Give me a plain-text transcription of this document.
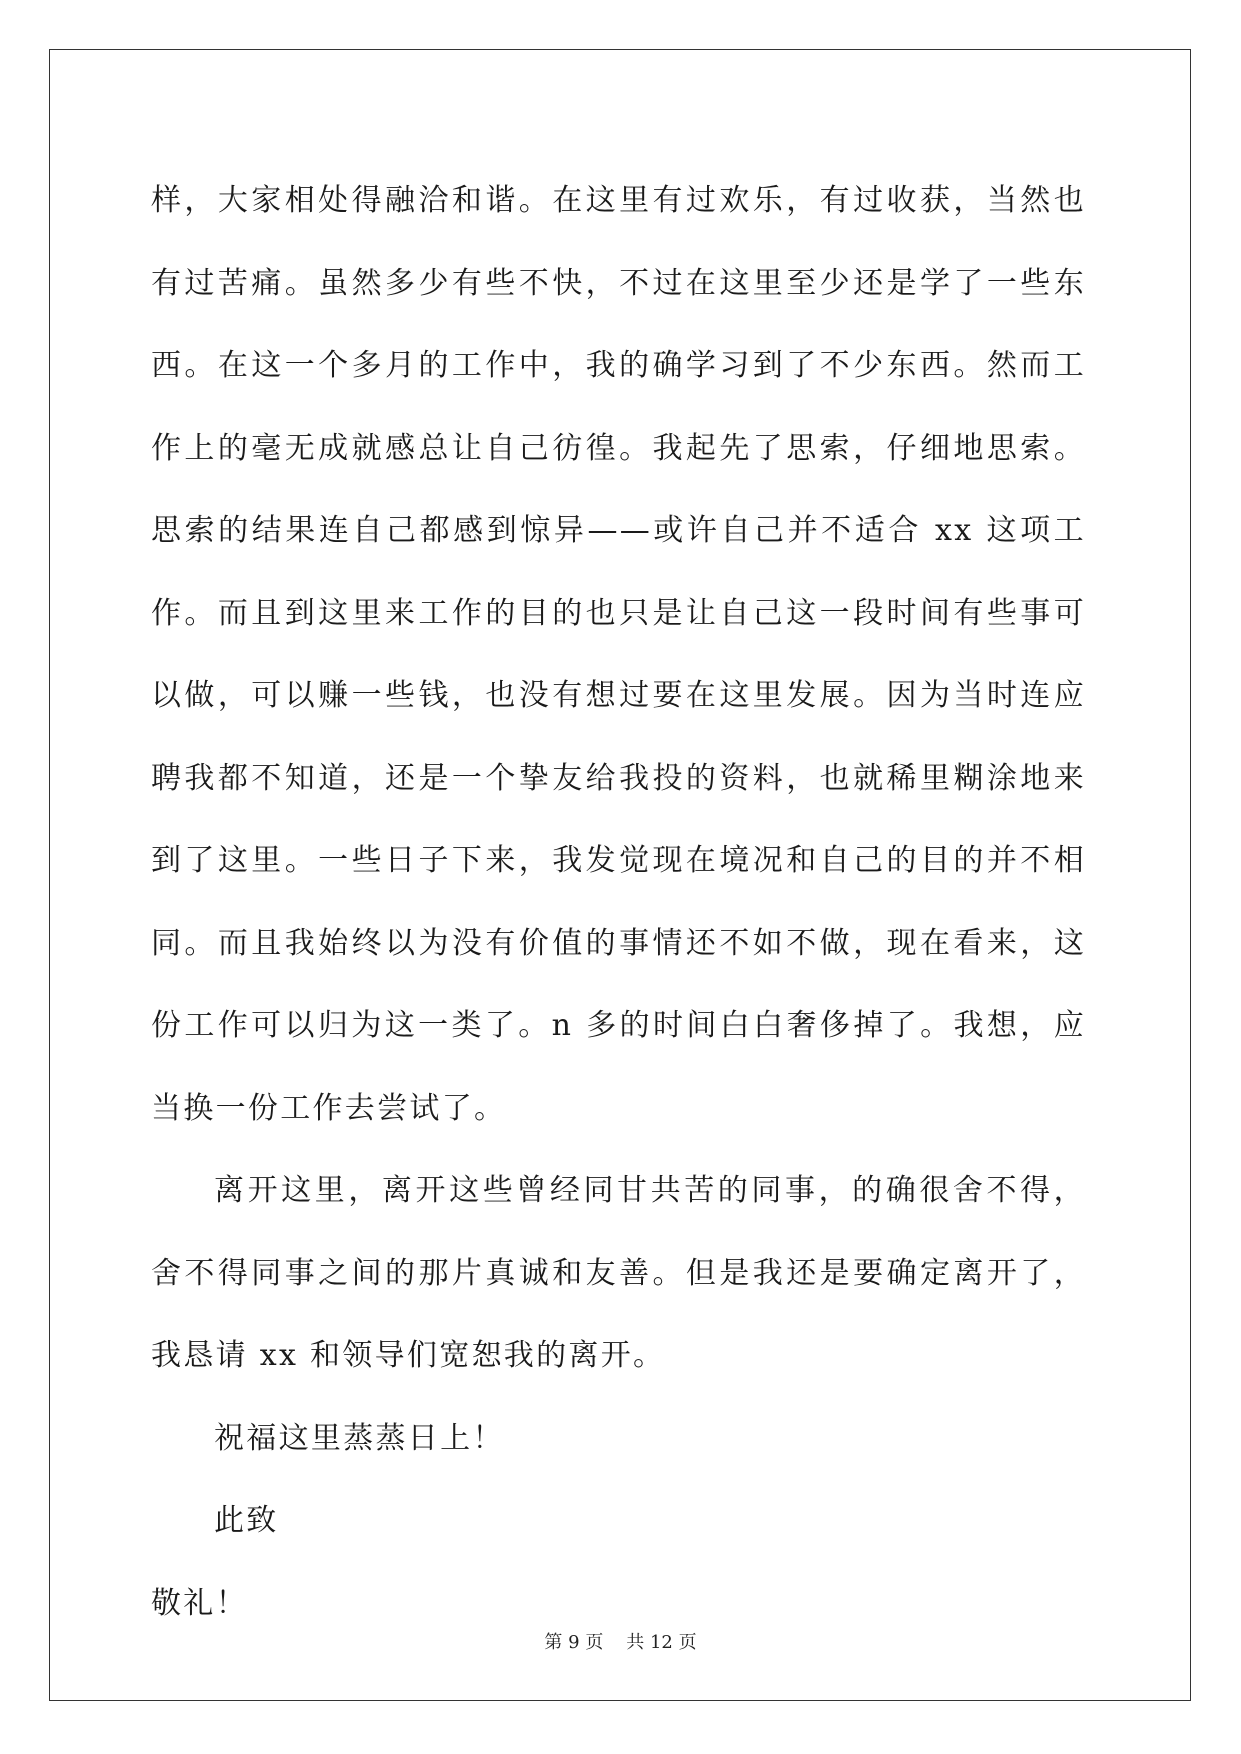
样，大家相处得融洽和谐。在这里有过欢乐，有过收获，当然也有过苦痛。虽然多少有些不快，不过在这里至少还是学了一些东西。在这一个多月的工作中，我的确学习到了不少东西。然而工作上的毫无成就感总让自己彷徨。我起先了思索，仔细地思索。思索的结果连自己都感到惊异——或许自己并不适合 xx 这项工作。而且到这里来工作的目的也只是让自己这一段时间有些事可以做，可以赚一些钱，也没有想过要在这里发展。因为当时连应聘我都不知道，还是一个挚友给我投的资料，也就稀里糊涂地来到了这里。一些日子下来，我发觉现在境况和自己的目的并不相同。而且我始终以为没有价值的事情还不如不做，现在看来，这份工作可以归为这一类了。n 多的时间白白奢侈掉了。我想，应当换一份工作去尝试了。

离开这里，离开这些曾经同甘共苦的同事，的确很舍不得，舍不得同事之间的那片真诚和友善。但是我还是要确定离开了，我恳请 xx 和领导们宽恕我的离开。

祝福这里蒸蒸日上！

此致

敬礼！

第 9 页 共 12 页
